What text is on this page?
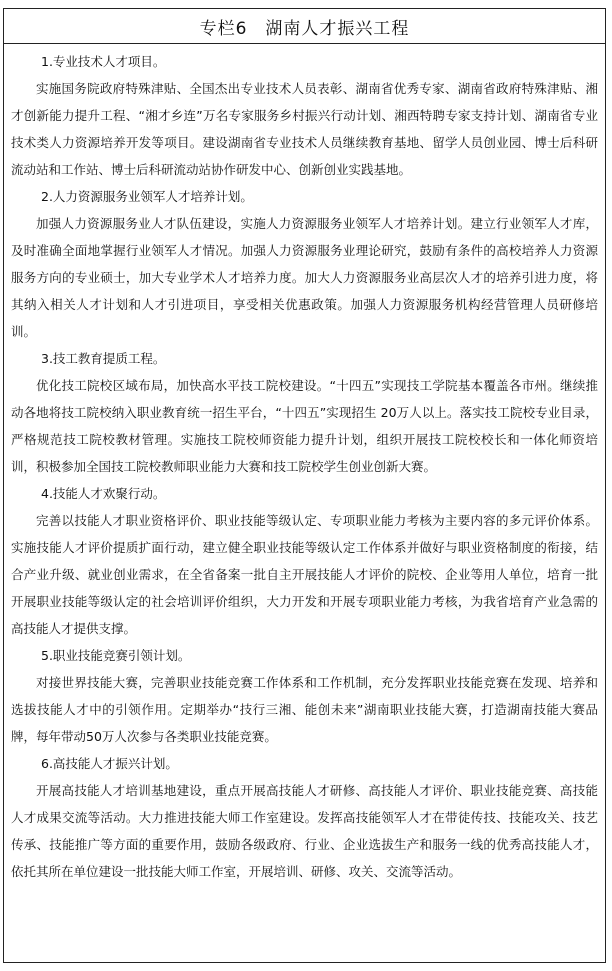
专栏6　湖南人才振兴工程
1.专业技术人才项目。

实施国务院政府特殊津贴、全国杰出专业技术人员表彰、湖南省优秀专家、湖南省政府特殊津贴、湘才创新能力提升工程、“湘才乡连”万名专家服务乡村振兴行动计划、湘西特聘专家支持计划、湖南省专业技术类人力资源培养开发等项目。建设湖南省专业技术人员继续教育基地、留学人员创业园、博士后科研流动站和工作站、博士后科研流动站协作研发中心、创新创业实践基地。

2.人力资源服务业领军人才培养计划。

加强人力资源服务业人才队伍建设，实施人力资源服务业领军人才培养计划。建立行业领军人才库，及时准确全面地掌握行业领军人才情况。加强人力资源服务业理论研究，鼓励有条件的高校培养人力资源服务方向的专业硕士，加大专业学术人才培养力度。加大人力资源服务业高层次人才的培养引进力度，将其纳入相关人才计划和人才引进项目，享受相关优惠政策。加强人力资源服务机构经营管理人员研修培训。

3.技工教育提质工程。

优化技工院校区域布局，加快高水平技工院校建设。“十四五”实现技工学院基本覆盖各市州。继续推动各地将技工院校纳入职业教育统一招生平台，“十四五”实现招生 20万人以上。落实技工院校专业目录，严格规范技工院校教材管理。实施技工院校师资能力提升计划，组织开展技工院校校长和一体化师资培训，积极参加全国技工院校教师职业能力大赛和技工院校学生创业创新大赛。

4.技能人才欢聚行动。

完善以技能人才职业资格评价、职业技能等级认定、专项职业能力考核为主要内容的多元评价体系。实施技能人才评价提质扩面行动，建立健全职业技能等级认定工作体系并做好与职业资格制度的衔接，结合产业升级、就业创业需求，在全省备案一批自主开展技能人才评价的院校、企业等用人单位，培育一批开展职业技能等级认定的社会培训评价组织，大力开发和开展专项职业能力考核，为我省培育产业急需的高技能人才提供支撑。

5.职业技能竞赛引领计划。

对接世界技能大赛，完善职业技能竞赛工作体系和工作机制，充分发挥职业技能竞赛在发现、培养和选拔技能人才中的引领作用。定期举办“技行三湘、能创未来”湖南职业技能大赛，打造湖南技能大赛品牌，每年带动50万人次参与各类职业技能竞赛。

6.高技能人才振兴计划。

开展高技能人才培训基地建设，重点开展高技能人才研修、高技能人才评价、职业技能竞赛、高技能人才成果交流等活动。大力推进技能大师工作室建设。发挥高技能领军人才在带徒传技、技能攻关、技艺传承、技能推广等方面的重要作用，鼓励各级政府、行业、企业选拔生产和服务一线的优秀高技能人才，依托其所在单位建设一批技能大师工作室，开展培训、研修、攻关、交流等活动。
